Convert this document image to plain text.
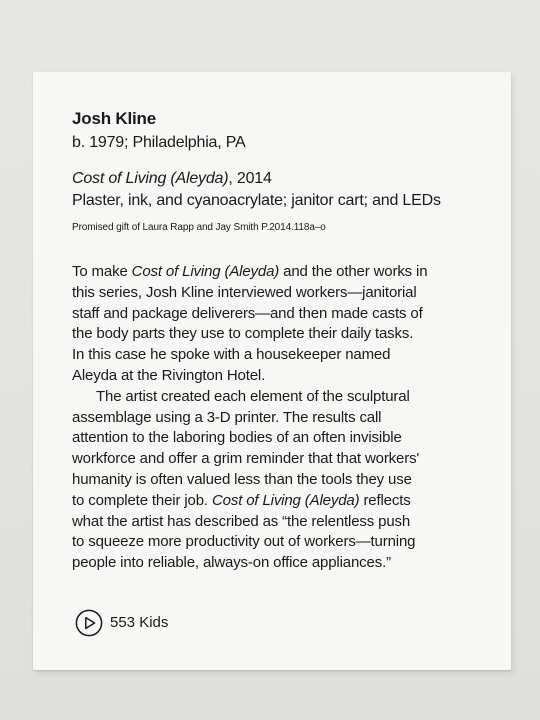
Josh Kline
b. 1979; Philadelphia, PA
Cost of Living (Aleyda), 2014
Plaster, ink, and cyanoacrylate; janitor cart; and LEDs
Promised gift of Laura Rapp and Jay Smith P.2014.118a–o
To make Cost of Living (Aleyda) and the other works in
this series, Josh Kline interviewed workers—janitorial
staff and package deliverers—and then made casts of
the body parts they use to complete their daily tasks.
In this case he spoke with a housekeeper named
Aleyda at the Rivington Hotel.
The artist created each element of the sculptural
assemblage using a 3-D printer. The results call
attention to the laboring bodies of an often invisible
workforce and offer a grim reminder that that workers'
humanity is often valued less than the tools they use
to complete their job. Cost of Living (Aleyda) reflects
what the artist has described as “the relentless push
to squeeze more productivity out of workers—turning
people into reliable, always-on office appliances.”
553 Kids
